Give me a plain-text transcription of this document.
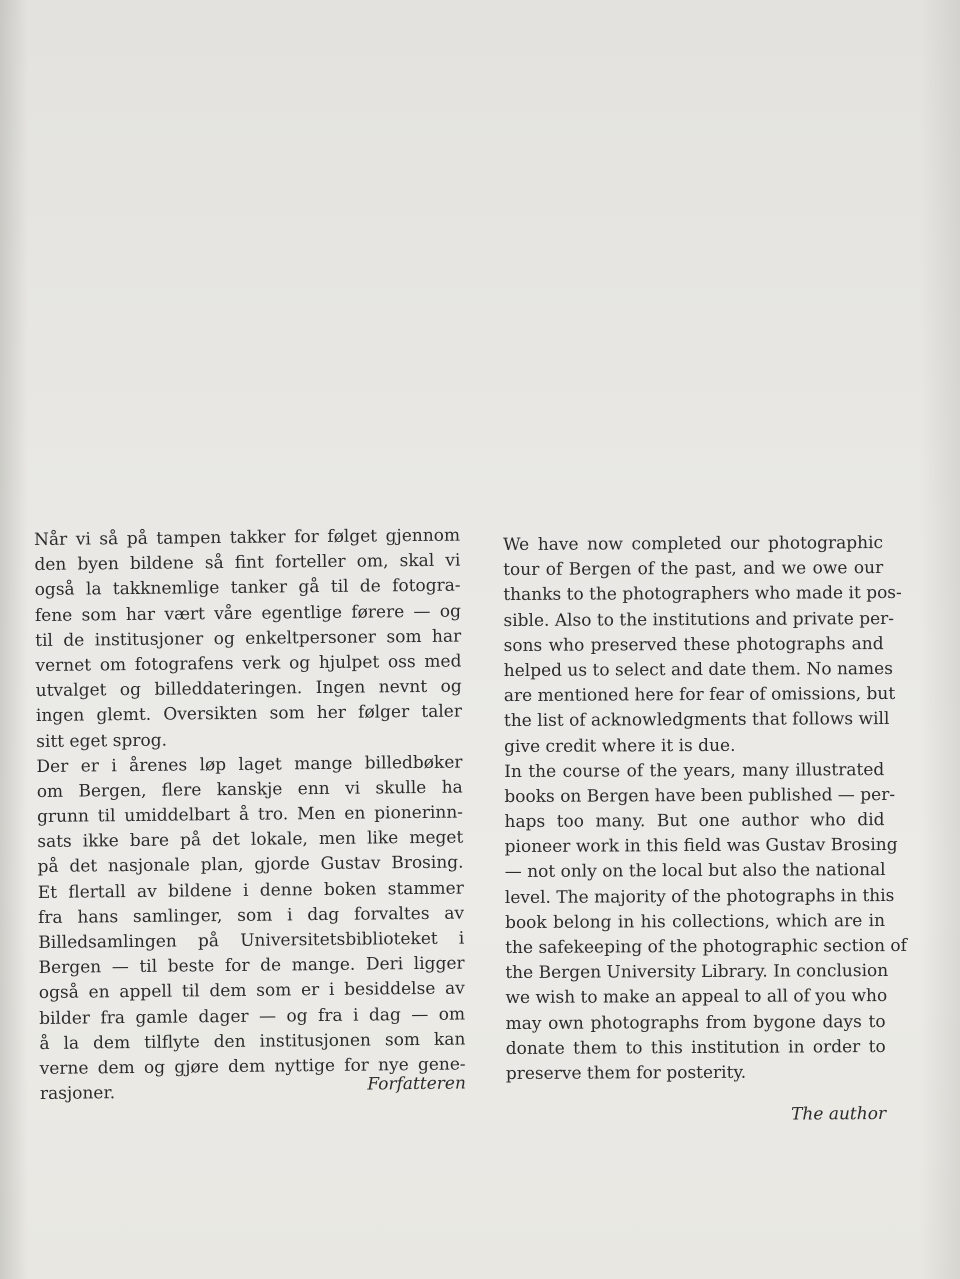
Når vi så på tampen takker for følget gjennom
den byen bildene så fint forteller om, skal vi
også la takknemlige tanker gå til de fotogra-
fene som har vært våre egentlige førere — og
til de institusjoner og enkeltpersoner som har
vernet om fotografens verk og hjulpet oss med
utvalget og billeddateringen. Ingen nevnt og
ingen glemt. Oversikten som her følger taler
sitt eget sprog.
Der er i årenes løp laget mange billedbøker
om Bergen, flere kanskje enn vi skulle ha
grunn til umiddelbart å tro. Men en pionerinn-
sats ikke bare på det lokale, men like meget
på det nasjonale plan, gjorde Gustav Brosing.
Et flertall av bildene i denne boken stammer
fra hans samlinger, som i dag forvaltes av
Billedsamlingen på Universitetsbiblioteket i
Bergen — til beste for de mange. Deri ligger
også en appell til dem som er i besiddelse av
bilder fra gamle dager — og fra i dag — om
å la dem tilflyte den institusjonen som kan
verne dem og gjøre dem nyttige for nye gene-
rasjoner.	Forfatteren
We have now completed our photographic
tour of Bergen of the past, and we owe our
thanks to the photographers who made it pos-
sible. Also to the institutions and private per-
sons who preserved these photographs and
helped us to select and date them. No names
are mentioned here for fear of omissions, but
the list of acknowledgments that follows will
give credit where it is due.
In the course of the years, many illustrated
books on Bergen have been published — per-
haps too many. But one author who did
pioneer work in this field was Gustav Brosing
— not only on the local but also the national
level. The majority of the photographs in this
book belong in his collections, which are in
the safekeeping of the photographic section of
the Bergen University Library. In conclusion
we wish to make an appeal to all of you who
may own photographs from bygone days to
donate them to this institution in order to
preserve them for posterity.
The author
